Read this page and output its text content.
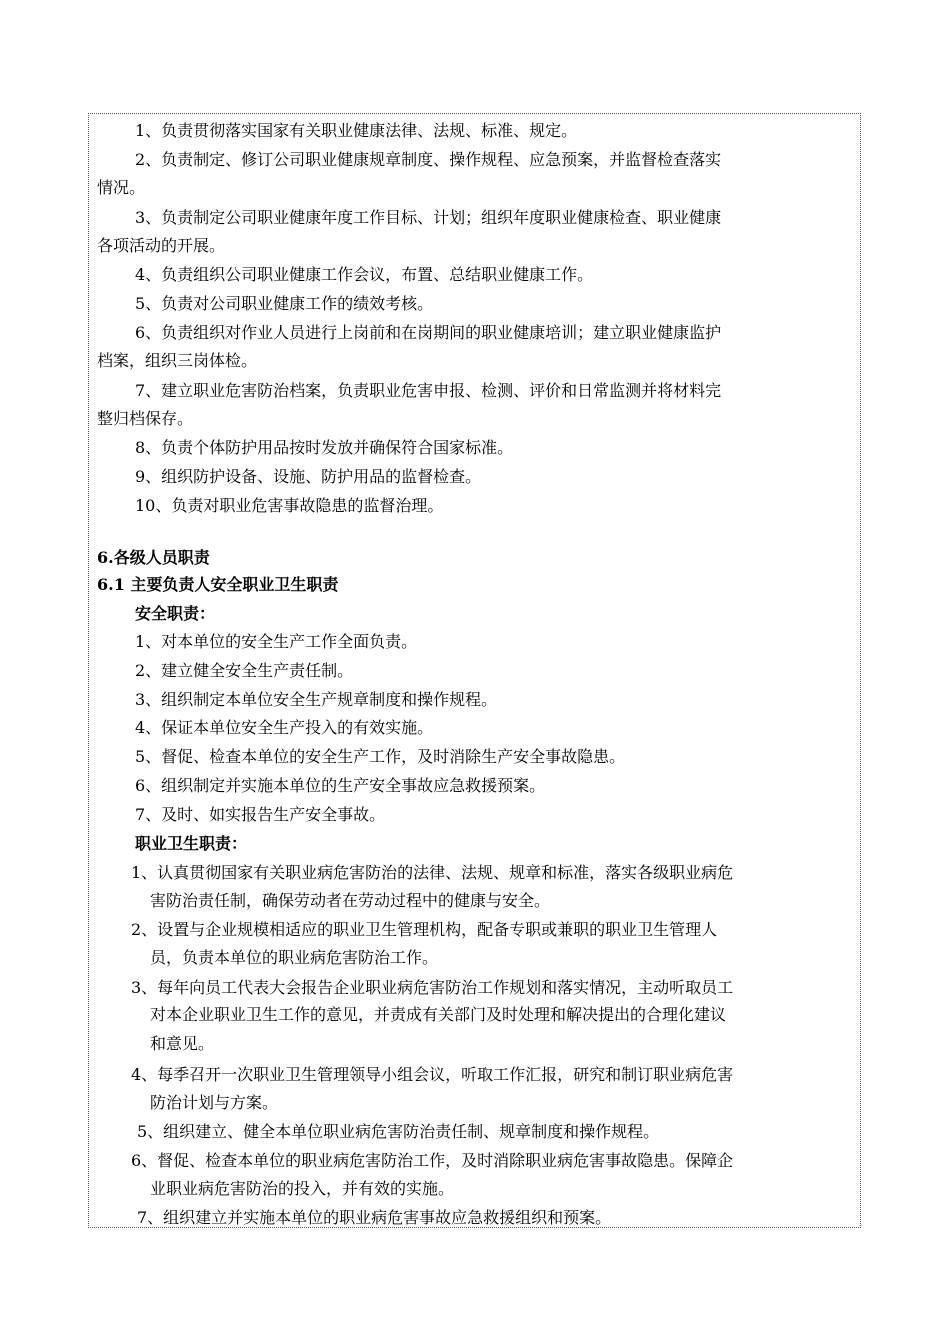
1、负责贯彻落实国家有关职业健康法律、法规、标准、规定。
2、负责制定、修订公司职业健康规章制度、操作规程、应急预案，并监督检查落实
情况。
3、负责制定公司职业健康年度工作目标、计划；组织年度职业健康检查、职业健康
各项活动的开展。
4、负责组织公司职业健康工作会议，布置、总结职业健康工作。
5、负责对公司职业健康工作的绩效考核。
6、负责组织对作业人员进行上岗前和在岗期间的职业健康培训；建立职业健康监护
档案，组织三岗体检。
7、建立职业危害防治档案，负责职业危害申报、检测、评价和日常监测并将材料完
整归档保存。
8、负责个体防护用品按时发放并确保符合国家标准。
9、组织防护设备、设施、防护用品的监督检查。
10、负责对职业危害事故隐患的监督治理。
6.各级人员职责
6.1 主要负责人安全职业卫生职责
安全职责：
1、对本单位的安全生产工作全面负责。
2、建立健全安全生产责任制。
3、组织制定本单位安全生产规章制度和操作规程。
4、保证本单位安全生产投入的有效实施。
5、督促、检查本单位的安全生产工作，及时消除生产安全事故隐患。
6、组织制定并实施本单位的生产安全事故应急救援预案。
7、及时、如实报告生产安全事故。
职业卫生职责：
1、认真贯彻国家有关职业病危害防治的法律、法规、规章和标准，落实各级职业病危
害防治责任制，确保劳动者在劳动过程中的健康与安全。
2、设置与企业规模相适应的职业卫生管理机构，配备专职或兼职的职业卫生管理人
员，负责本单位的职业病危害防治工作。
3、每年向员工代表大会报告企业职业病危害防治工作规划和落实情况，主动听取员工
对本企业职业卫生工作的意见，并责成有关部门及时处理和解决提出的合理化建议
和意见。
4、每季召开一次职业卫生管理领导小组会议，听取工作汇报，研究和制订职业病危害
防治计划与方案。
5、组织建立、健全本单位职业病危害防治责任制、规章制度和操作规程。
6、督促、检查本单位的职业病危害防治工作，及时消除职业病危害事故隐患。保障企
业职业病危害防治的投入，并有效的实施。
7、组织建立并实施本单位的职业病危害事故应急救援组织和预案。
